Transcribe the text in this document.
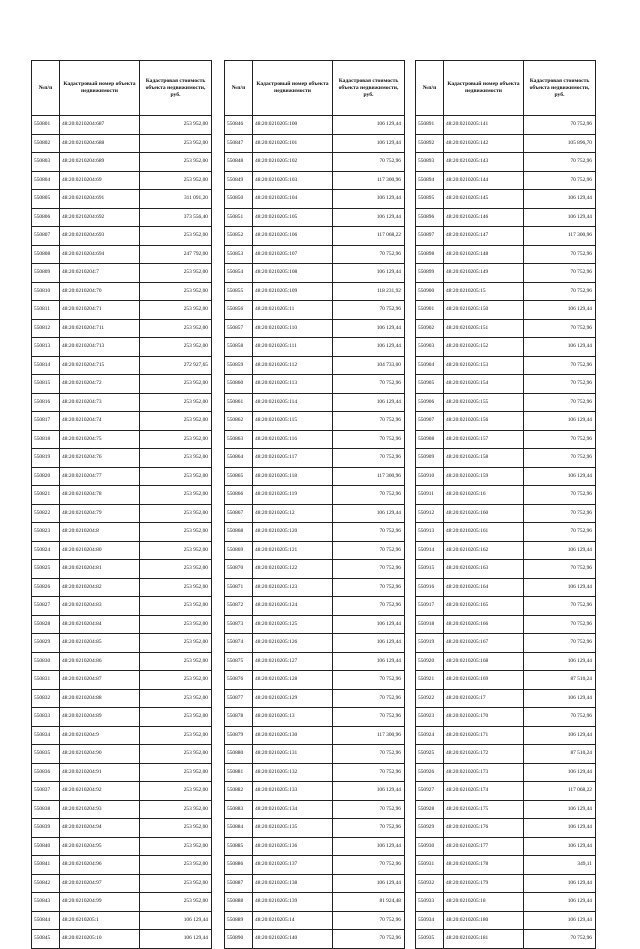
№п/п	Кадастровый номер объекта недвижимости	Кадастровая стоимость объекта недвижимости, руб.
550801	48:20:0210204:687	253 952,00
550802	48:20:0210204:688	253 952,00
550803	48:20:0210204:689	253 952,00
550804	48:20:0210204:69	253 952,00
550805	48:20:0210204:691	311 091,20
550806	48:20:0210204:692	373 556,40
550807	48:20:0210204:693	253 952,00
550808	48:20:0210204:694	247 792,00
550809	48:20:0210204:7	253 952,00
550810	48:20:0210204:70	253 952,00
550811	48:20:0210204:71	253 952,00
550812	48:20:0210204:711	253 952,00
550813	48:20:0210204:713	253 952,00
550814	48:20:0210204:715	272 927,65
550815	48:20:0210204:72	253 952,00
550816	48:20:0210204:73	253 952,00
550817	48:20:0210204:74	253 952,00
550818	48:20:0210204:75	253 952,00
550819	48:20:0210204:76	253 952,00
550820	48:20:0210204:77	253 952,00
550821	48:20:0210204:78	253 952,00
550822	48:20:0210204:79	253 952,00
550823	48:20:0210204:8	253 952,00
550824	48:20:0210204:80	253 952,00
550825	48:20:0210204:81	253 952,00
550826	48:20:0210204:82	253 952,00
550827	48:20:0210204:83	253 952,00
550828	48:20:0210204:84	253 952,00
550829	48:20:0210204:85	253 952,00
550830	48:20:0210204:86	253 952,00
550831	48:20:0210204:87	253 952,00
550832	48:20:0210204:88	253 952,00
550833	48:20:0210204:89	253 952,00
550834	48:20:0210204:9	253 952,00
550835	48:20:0210204:90	253 952,00
550836	48:20:0210204:91	253 952,00
550837	48:20:0210204:92	253 952,00
550838	48:20:0210204:93	253 952,00
550839	48:20:0210204:94	253 952,00
550840	48:20:0210204:95	253 952,00
550841	48:20:0210204:96	253 952,00
550842	48:20:0210204:97	253 952,00
550843	48:20:0210204:99	253 952,00
550844	48:20:0210205:1	106 129,44
550845	48:20:0210205:10	106 129,44
№п/п	Кадастровый номер объекта недвижимости	Кадастровая стоимость объекта недвижимости, руб.
550846	48:20:0210205:100	106 129,44
550847	48:20:0210205:101	106 129,44
550848	48:20:0210205:102	70 752,96
550849	48:20:0210205:103	117 300,96
550850	48:20:0210205:104	106 129,44
550851	48:20:0210205:105	106 129,44
550852	48:20:0210205:106	117 068,22
550853	48:20:0210205:107	70 752,96
550854	48:20:0210205:108	106 129,44
550855	48:20:0210205:109	118 231,92
550856	48:20:0210205:11	70 752,96
550857	48:20:0210205:110	106 129,44
550858	48:20:0210205:111	106 129,44
550859	48:20:0210205:112	104 733,00
550860	48:20:0210205:113	70 752,96
550861	48:20:0210205:114	106 129,44
550862	48:20:0210205:115	70 752,96
550863	48:20:0210205:116	70 752,96
550864	48:20:0210205:117	70 752,96
550865	48:20:0210205:118	117 300,96
550866	48:20:0210205:119	70 752,96
550867	48:20:0210205:12	106 129,44
550868	48:20:0210205:120	70 752,96
550869	48:20:0210205:121	70 752,96
550870	48:20:0210205:122	70 752,96
550871	48:20:0210205:123	70 752,96
550872	48:20:0210205:124	70 752,96
550873	48:20:0210205:125	106 129,44
550874	48:20:0210205:126	106 129,44
550875	48:20:0210205:127	106 129,44
550876	48:20:0210205:128	70 752,96
550877	48:20:0210205:129	70 752,96
550878	48:20:0210205:13	70 752,96
550879	48:20:0210205:130	117 300,96
550880	48:20:0210205:131	70 752,96
550881	48:20:0210205:132	70 752,96
550882	48:20:0210205:133	106 129,44
550883	48:20:0210205:134	70 752,96
550884	48:20:0210205:135	70 752,96
550885	48:20:0210205:136	106 129,44
550886	48:20:0210205:137	70 752,96
550887	48:20:0210205:138	106 129,44
550888	48:20:0210205:139	81 924,48
550889	48:20:0210205:14	70 752,96
550890	48:20:0210205:140	70 752,96
№п/п	Кадастровый номер объекта недвижимости	Кадастровая стоимость объекта недвижимости, руб.
550891	48:20:0210205:141	70 752,96
550892	48:20:0210205:142	105 896,70
550893	48:20:0210205:143	70 752,96
550894	48:20:0210205:144	70 752,96
550895	48:20:0210205:145	106 129,44
550896	48:20:0210205:146	106 129,44
550897	48:20:0210205:147	117 300,96
550898	48:20:0210205:148	70 752,96
550899	48:20:0210205:149	70 752,96
550900	48:20:0210205:15	70 752,96
550901	48:20:0210205:150	106 129,44
550902	48:20:0210205:151	70 752,96
550903	48:20:0210205:152	106 129,44
550904	48:20:0210205:153	70 752,96
550905	48:20:0210205:154	70 752,96
550906	48:20:0210205:155	70 752,96
550907	48:20:0210205:156	106 129,44
550908	48:20:0210205:157	70 752,96
550909	48:20:0210205:158	70 752,96
550910	48:20:0210205:159	106 129,44
550911	48:20:0210205:16	70 752,96
550912	48:20:0210205:160	70 752,96
550913	48:20:0210205:161	70 752,96
550914	48:20:0210205:162	106 129,44
550915	48:20:0210205:163	70 752,96
550916	48:20:0210205:164	106 129,44
550917	48:20:0210205:165	70 752,96
550918	48:20:0210205:166	70 752,96
550919	48:20:0210205:167	70 752,96
550920	48:20:0210205:168	106 129,44
550921	48:20:0210205:169	87 510,24
550922	48:20:0210205:17	106 129,44
550923	48:20:0210205:170	70 752,96
550924	48:20:0210205:171	106 129,44
550925	48:20:0210205:172	87 510,24
550926	48:20:0210205:173	106 129,44
550927	48:20:0210205:174	117 068,22
550928	48:20:0210205:175	106 129,44
550929	48:20:0210205:176	106 129,44
550930	48:20:0210205:177	106 129,44
550931	48:20:0210205:178	349,11
550932	48:20:0210205:179	106 129,44
550933	48:20:0210205:18	106 129,44
550934	48:20:0210205:180	106 129,44
550935	48:20:0210205:181	70 752,96
